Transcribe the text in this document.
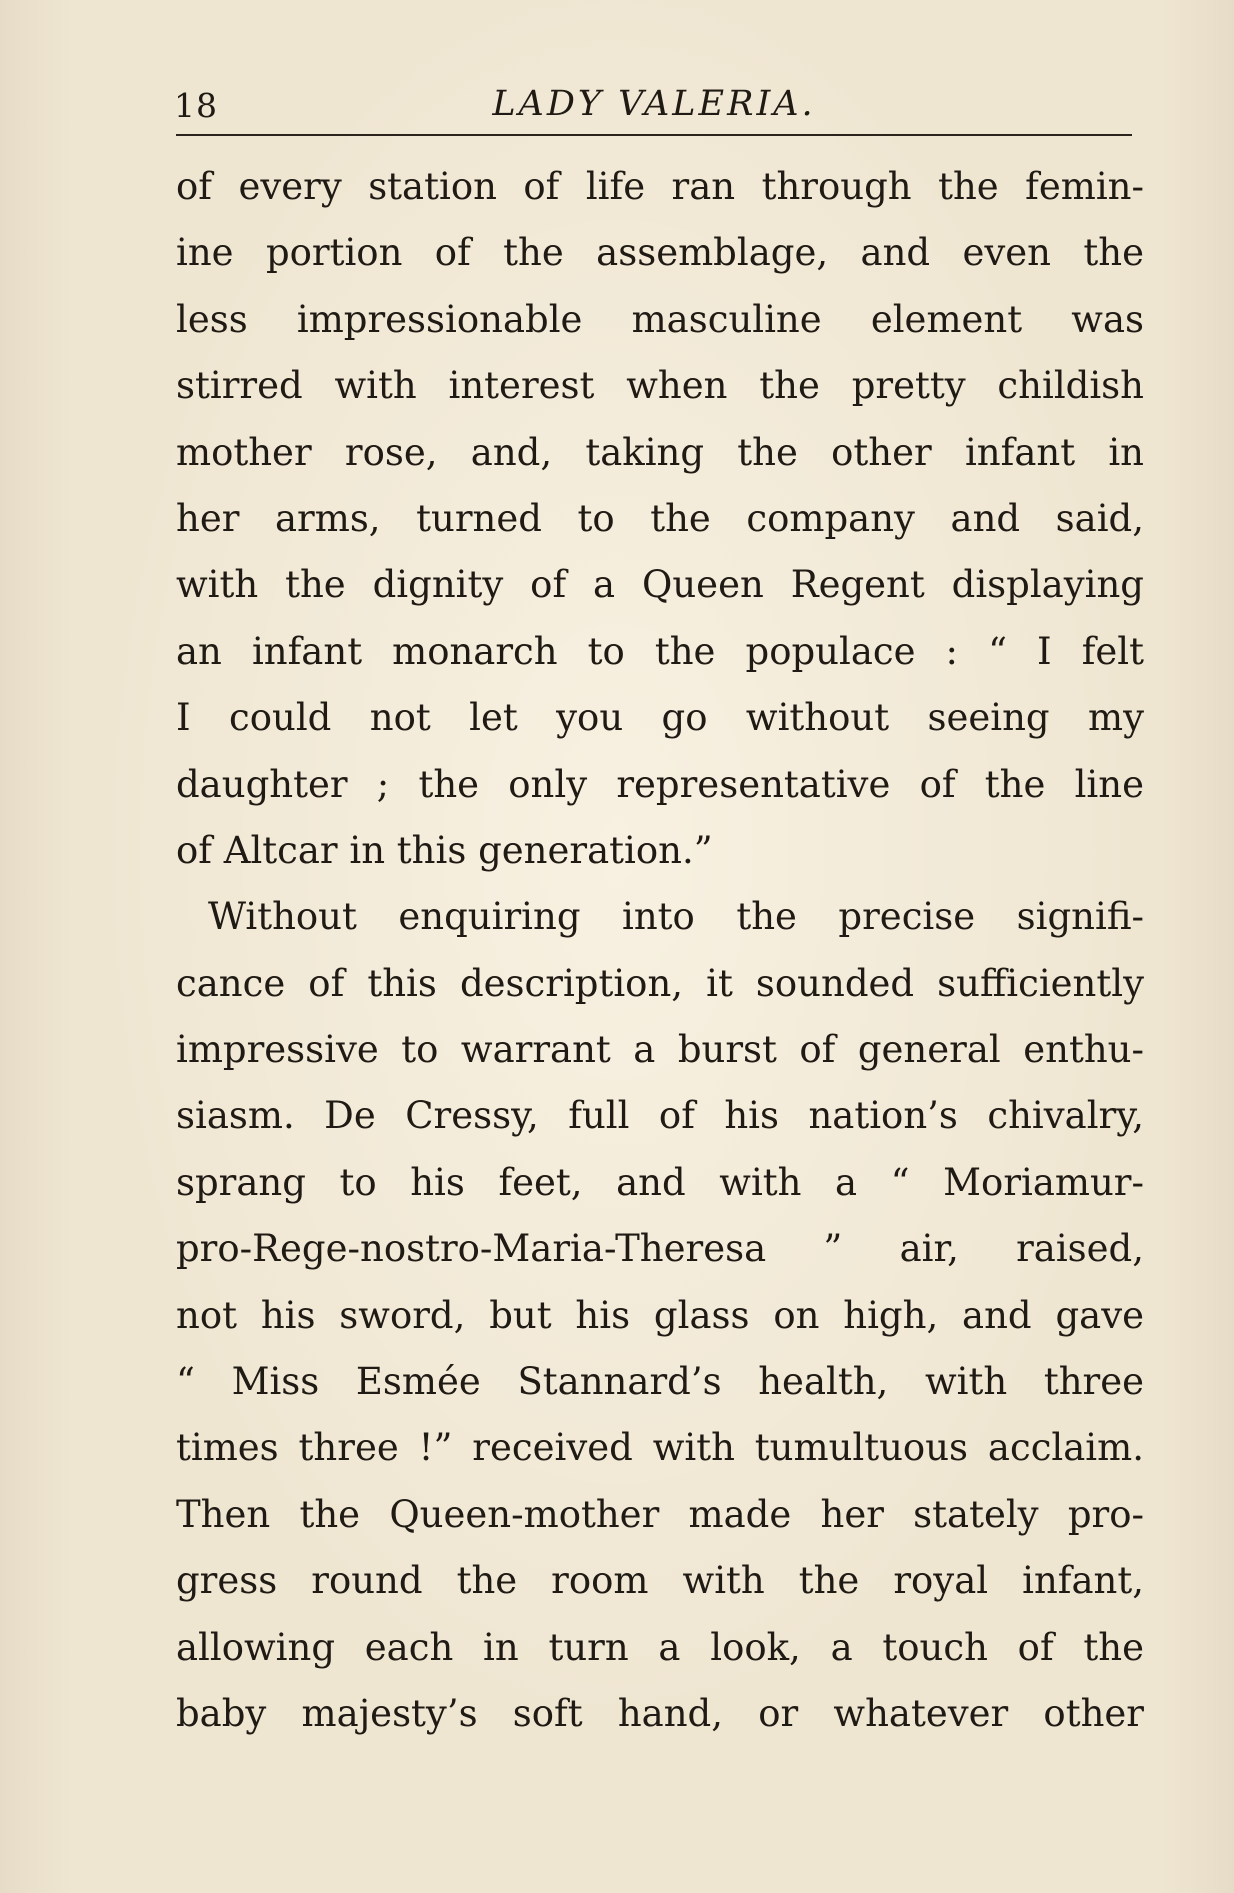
18	LADY VALERIA.
of every station of life ran through the femin-
ine portion of the assemblage, and even the
less impressionable masculine element was
stirred with interest when the pretty childish
mother rose, and, taking the other infant in
her arms, turned to the company and said,
with the dignity of a Queen Regent displaying
an infant monarch to the populace : “ I felt
I could not let you go without seeing my
daughter ; the only representative of the line
of Altcar in this generation.”
Without enquiring into the precise signifi-
cance of this description, it sounded sufficiently
impressive to warrant a burst of general enthu-
siasm. De Cressy, full of his nation’s chivalry,
sprang to his feet, and with a “ Moriamur-
pro-Rege-nostro-Maria-Theresa ” air, raised,
not his sword, but his glass on high, and gave
“ Miss Esmée Stannard’s health, with three
times three !” received with tumultuous acclaim.
Then the Queen-mother made her stately pro-
gress round the room with the royal infant,
allowing each in turn a look, a touch of the
baby majesty’s soft hand, or whatever other
